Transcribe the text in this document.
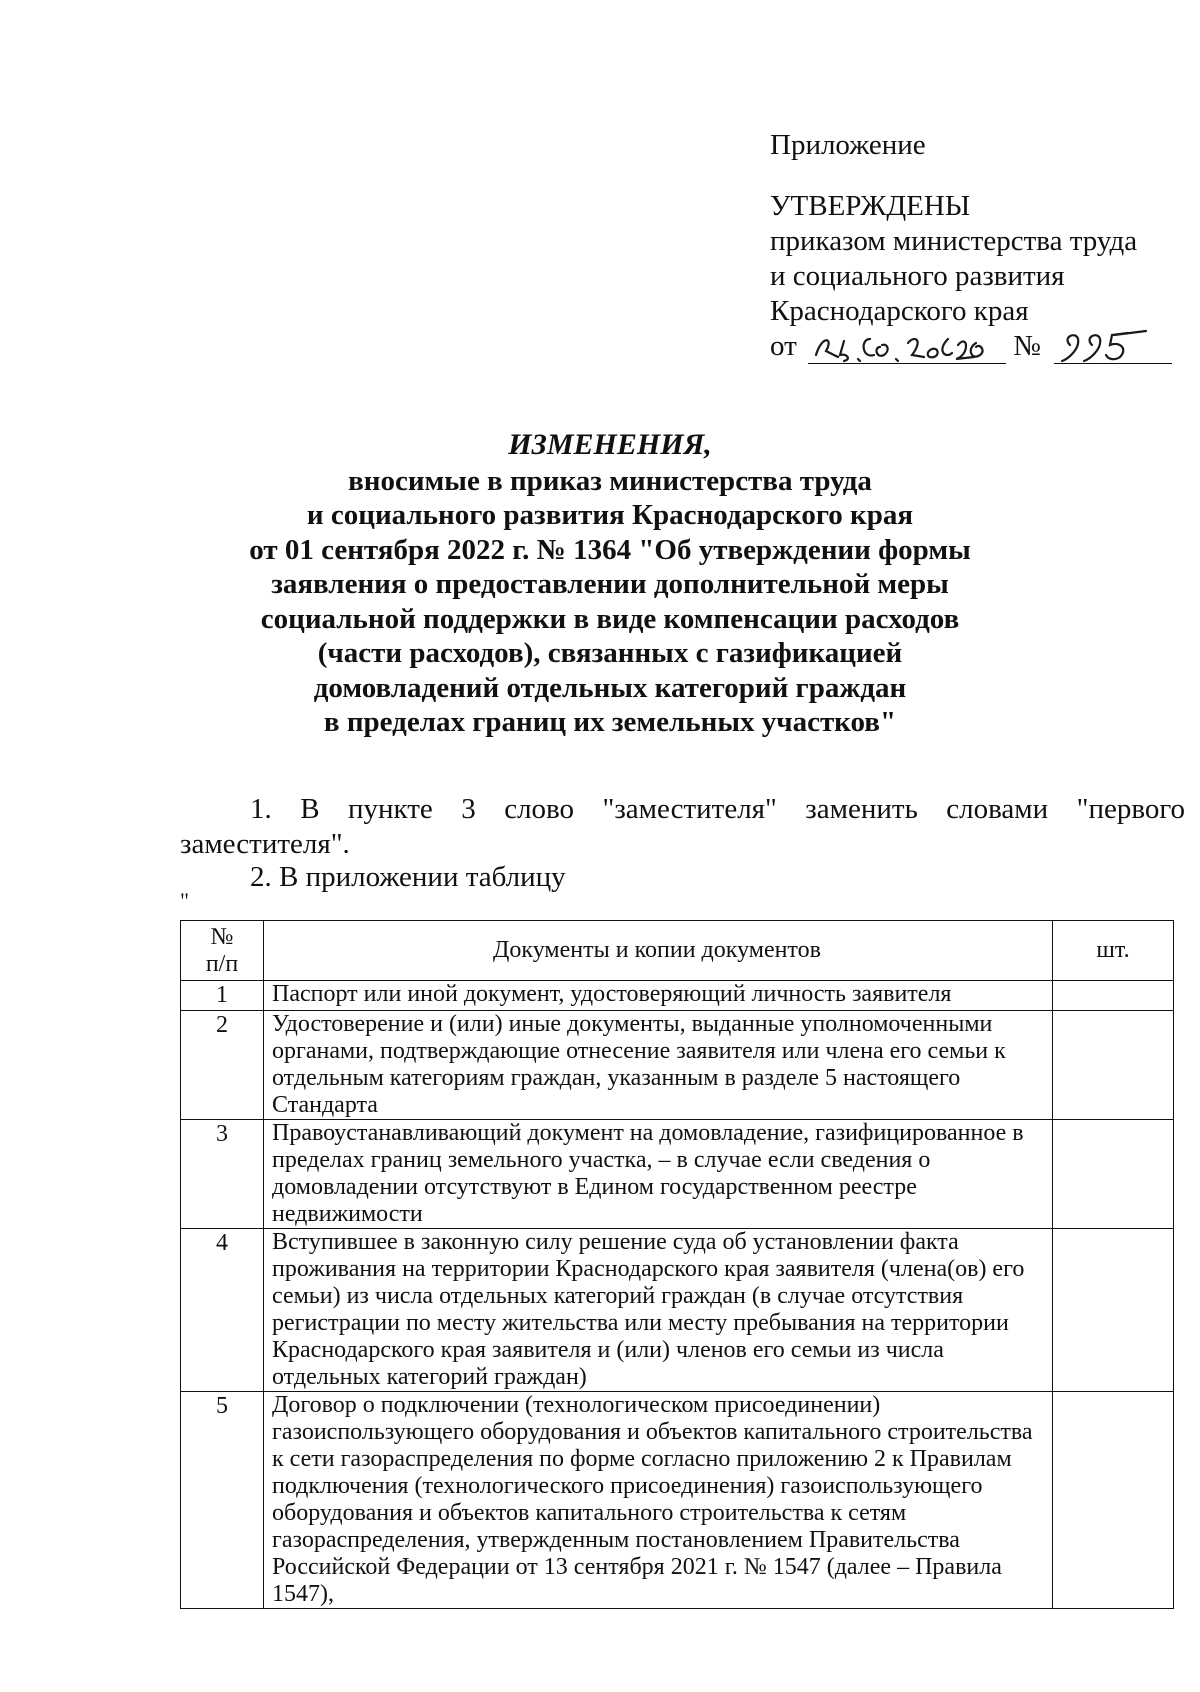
Приложение
УТВЕРЖДЕНЫ
приказом министерства труда
и социального развития
Краснодарского края
от	№
ИЗМЕНЕНИЯ,
вносимые в приказ министерства труда
и социального развития Краснодарского края
от 01 сентября 2022 г. № 1364 "Об утверждении формы
заявления о предоставлении дополнительной меры
социальной поддержки в виде компенсации расходов
(части расходов), связанных с газификацией
домовладений отдельных категорий граждан
в пределах границ их земельных участков"
1. В пункте 3 слово "заместителя" заменить словами "первого заместителя".
2. В приложении таблицу
"
№
п/п	Документы и копии документов	шт.
1	Паспорт или иной документ, удостоверяющий личность заявителя	
2	Удостоверение и (или) иные документы, выданные уполномоченными органами, подтверждающие отнесение заявителя или члена его семьи к отдельным категориям граждан, указанным в разделе 5 настоящего Стандарта	
3	Правоустанавливающий документ на домовладение, газифицированное в пределах границ земельного участка, – в случае если сведения о домовладении отсутствуют в Едином государственном реестре недвижимости	
4	Вступившее в законную силу решение суда об установлении факта проживания на территории Краснодарского края заявителя (члена(ов) его семьи) из числа отдельных категорий граждан (в случае отсутствия регистрации по месту жительства или месту пребывания на территории Краснодарского края заявителя и (или) членов его семьи из числа отдельных категорий граждан)	
5	Договор о подключении (технологическом присоединении) газоиспользующего оборудования и объектов капитального строительства к сети газораспределения по форме согласно приложению 2 к Правилам подключения (технологического присоединения) газоиспользующего оборудования и объектов капитального строительства к сетям газораспределения, утвержденным постановлением Правительства Российской Федерации от 13 сентября 2021 г. № 1547 (далее – Правила 1547),	
